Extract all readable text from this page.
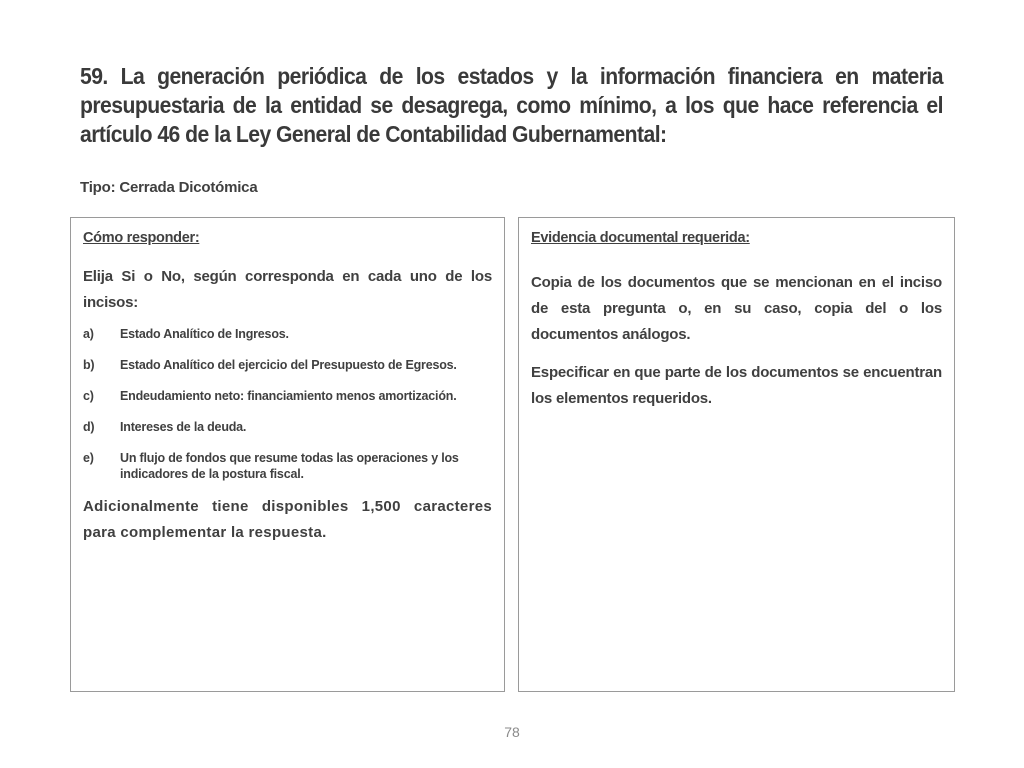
59. La generación periódica de los estados y la información financiera en materia presupuestaria de la entidad se desagrega, como mínimo, a los que hace referencia el artículo 46 de la Ley General de Contabilidad Gubernamental:

Tipo: Cerrada Dicotómica

Cómo responder:

Elija Si o No, según corresponda en cada uno de los incisos:

a)	Estado Analítico de Ingresos.
b)	Estado Analítico del ejercicio del Presupuesto de Egresos.
c)	Endeudamiento neto: financiamiento menos amortización.
d)	Intereses de la deuda.
e)	Un flujo de fondos que resume todas las operaciones y los indicadores de la postura fiscal.

Adicionalmente tiene disponibles 1,500 caracteres para complementar la respuesta.

Evidencia documental requerida:

Copia de los documentos que se mencionan en el inciso de esta pregunta o, en su caso, copia del o los documentos análogos.

Especificar en que parte de los documentos se encuentran los elementos requeridos.

78
